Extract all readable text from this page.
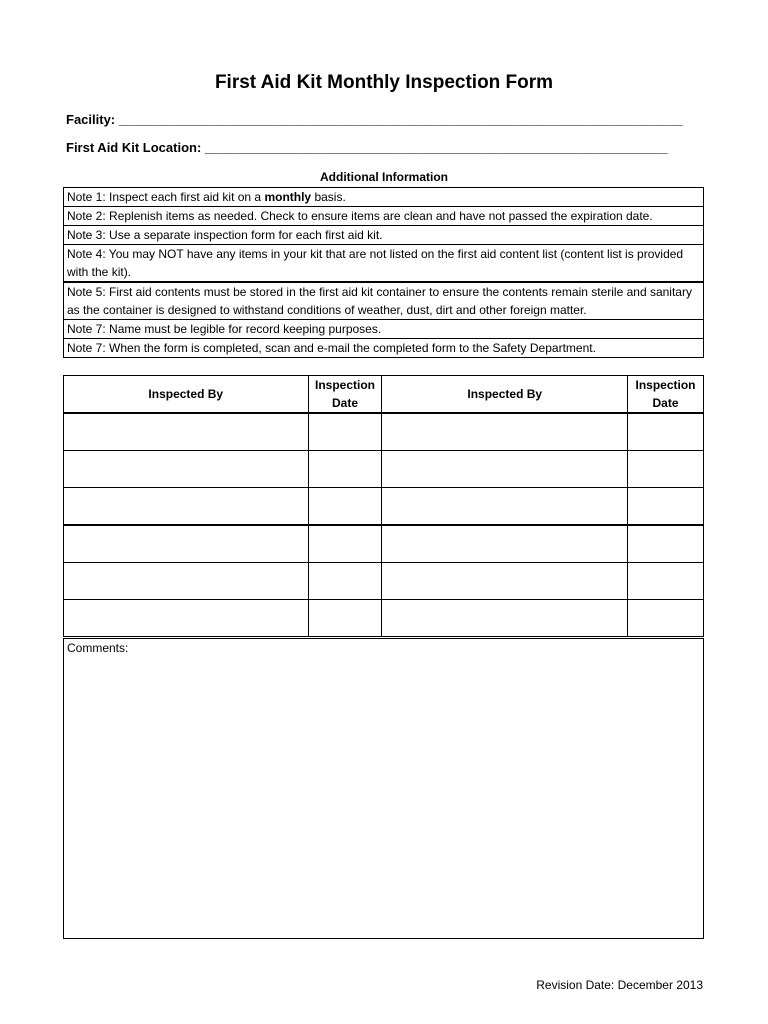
First Aid Kit Monthly Inspection Form
Facility: ______________________________________________________________________________
First Aid Kit Location: ________________________________________________________________
Additional Information
Note 1: Inspect each first aid kit on a monthly basis.
Note 2: Replenish items as needed. Check to ensure items are clean and have not passed the expiration date.
Note 3: Use a separate inspection form for each first aid kit.
Note 4: You may NOT have any items in your kit that are not listed on the first aid content list (content list is provided with the kit).
Note 5: First aid contents must be stored in the first aid kit container to ensure the contents remain sterile and sanitary as the container is designed to withstand conditions of weather, dust, dirt and other foreign matter.
Note 7: Name must be legible for record keeping purposes.
Note 7: When the form is completed, scan and e-mail the completed form to the Safety Department.
Inspected By	Inspection Date	Inspected By	Inspection Date

Comments:
Revision Date: December 2013
